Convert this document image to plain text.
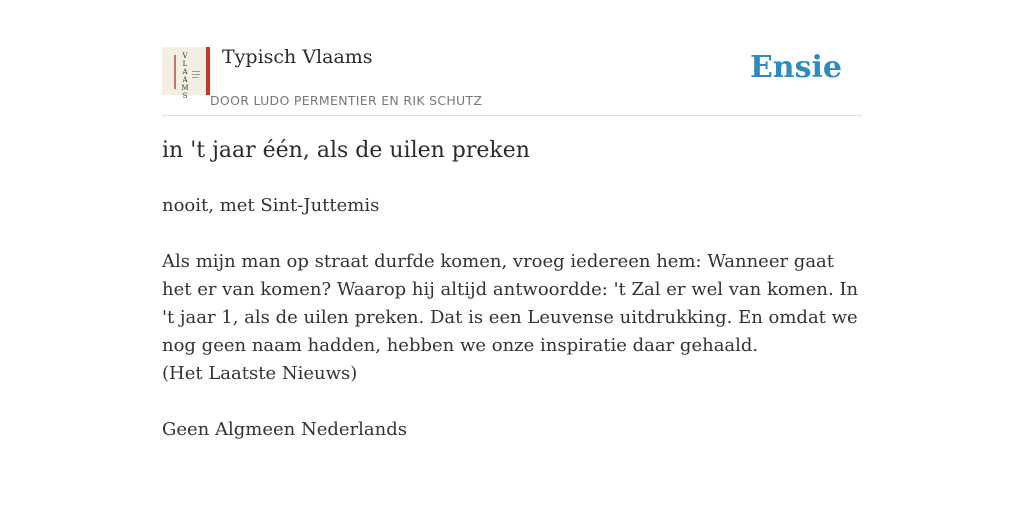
V
L
A
A
M
S
Typisch Vlaams
DOOR LUDO PERMENTIER EN RIK SCHUTZ
Ensie
in 't jaar één, als de uilen preken

nooit, met Sint-Juttemis

Als mijn man op straat durfde komen, vroeg iedereen hem: Wanneer gaat het er van komen? Waarop hij altijd antwoordde: 't Zal er wel van komen. In 't jaar 1, als de uilen preken. Dat is een Leuvense uitdrukking. En omdat we nog geen naam hadden, hebben we onze inspiratie daar gehaald.

(Het Laatste Nieuws)

Geen Algmeen Nederlands
